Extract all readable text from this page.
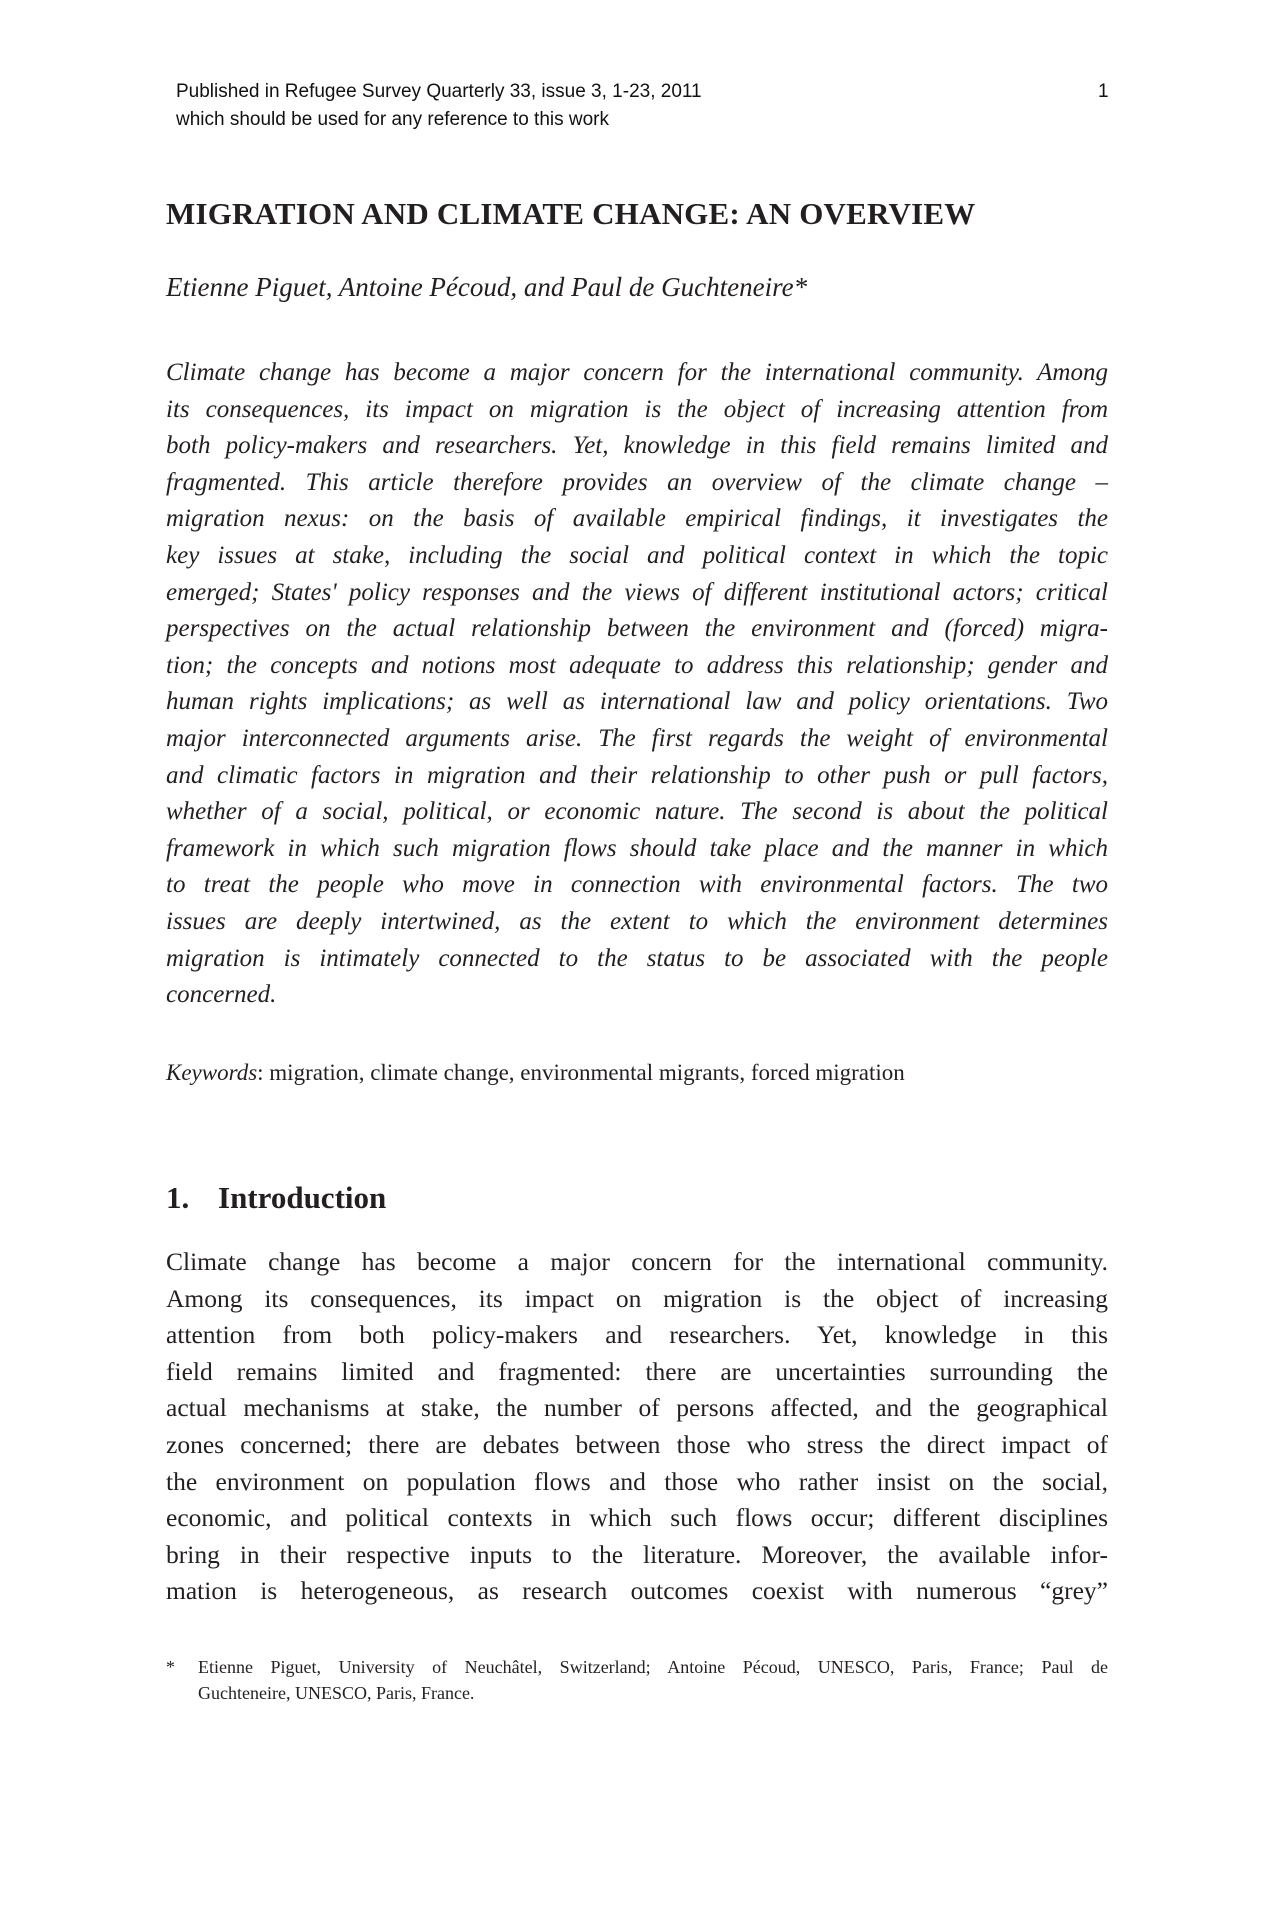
Published in Refugee Survey Quarterly 33, issue 3, 1-23, 2011
which should be used for any reference to this work
1
MIGRATION AND CLIMATE CHANGE: AN OVERVIEW
Etienne Piguet, Antoine Pécoud, and Paul de Guchteneire*
Climate change has become a major concern for the international community. Among
its consequences, its impact on migration is the object of increasing attention from
both policy-makers and researchers. Yet, knowledge in this field remains limited and
fragmented. This article therefore provides an overview of the climate change –
migration nexus: on the basis of available empirical findings, it investigates the
key issues at stake, including the social and political context in which the topic
emerged; States' policy responses and the views of different institutional actors; critical
perspectives on the actual relationship between the environment and (forced) migra-
tion; the concepts and notions most adequate to address this relationship; gender and
human rights implications; as well as international law and policy orientations. Two
major interconnected arguments arise. The first regards the weight of environmental
and climatic factors in migration and their relationship to other push or pull factors,
whether of a social, political, or economic nature. The second is about the political
framework in which such migration flows should take place and the manner in which
to treat the people who move in connection with environmental factors. The two
issues are deeply intertwined, as the extent to which the environment determines
migration is intimately connected to the status to be associated with the people
concerned.
Keywords: migration, climate change, environmental migrants, forced migration
1. Introduction
Climate change has become a major concern for the international community.
Among its consequences, its impact on migration is the object of increasing
attention from both policy-makers and researchers. Yet, knowledge in this
field remains limited and fragmented: there are uncertainties surrounding the
actual mechanisms at stake, the number of persons affected, and the geographical
zones concerned; there are debates between those who stress the direct impact of
the environment on population flows and those who rather insist on the social,
economic, and political contexts in which such flows occur; different disciplines
bring in their respective inputs to the literature. Moreover, the available infor-
mation is heterogeneous, as research outcomes coexist with numerous “grey”
* Etienne Piguet, University of Neuchâtel, Switzerland; Antoine Pécoud, UNESCO, Paris, France; Paul de
Guchteneire, UNESCO, Paris, France.
